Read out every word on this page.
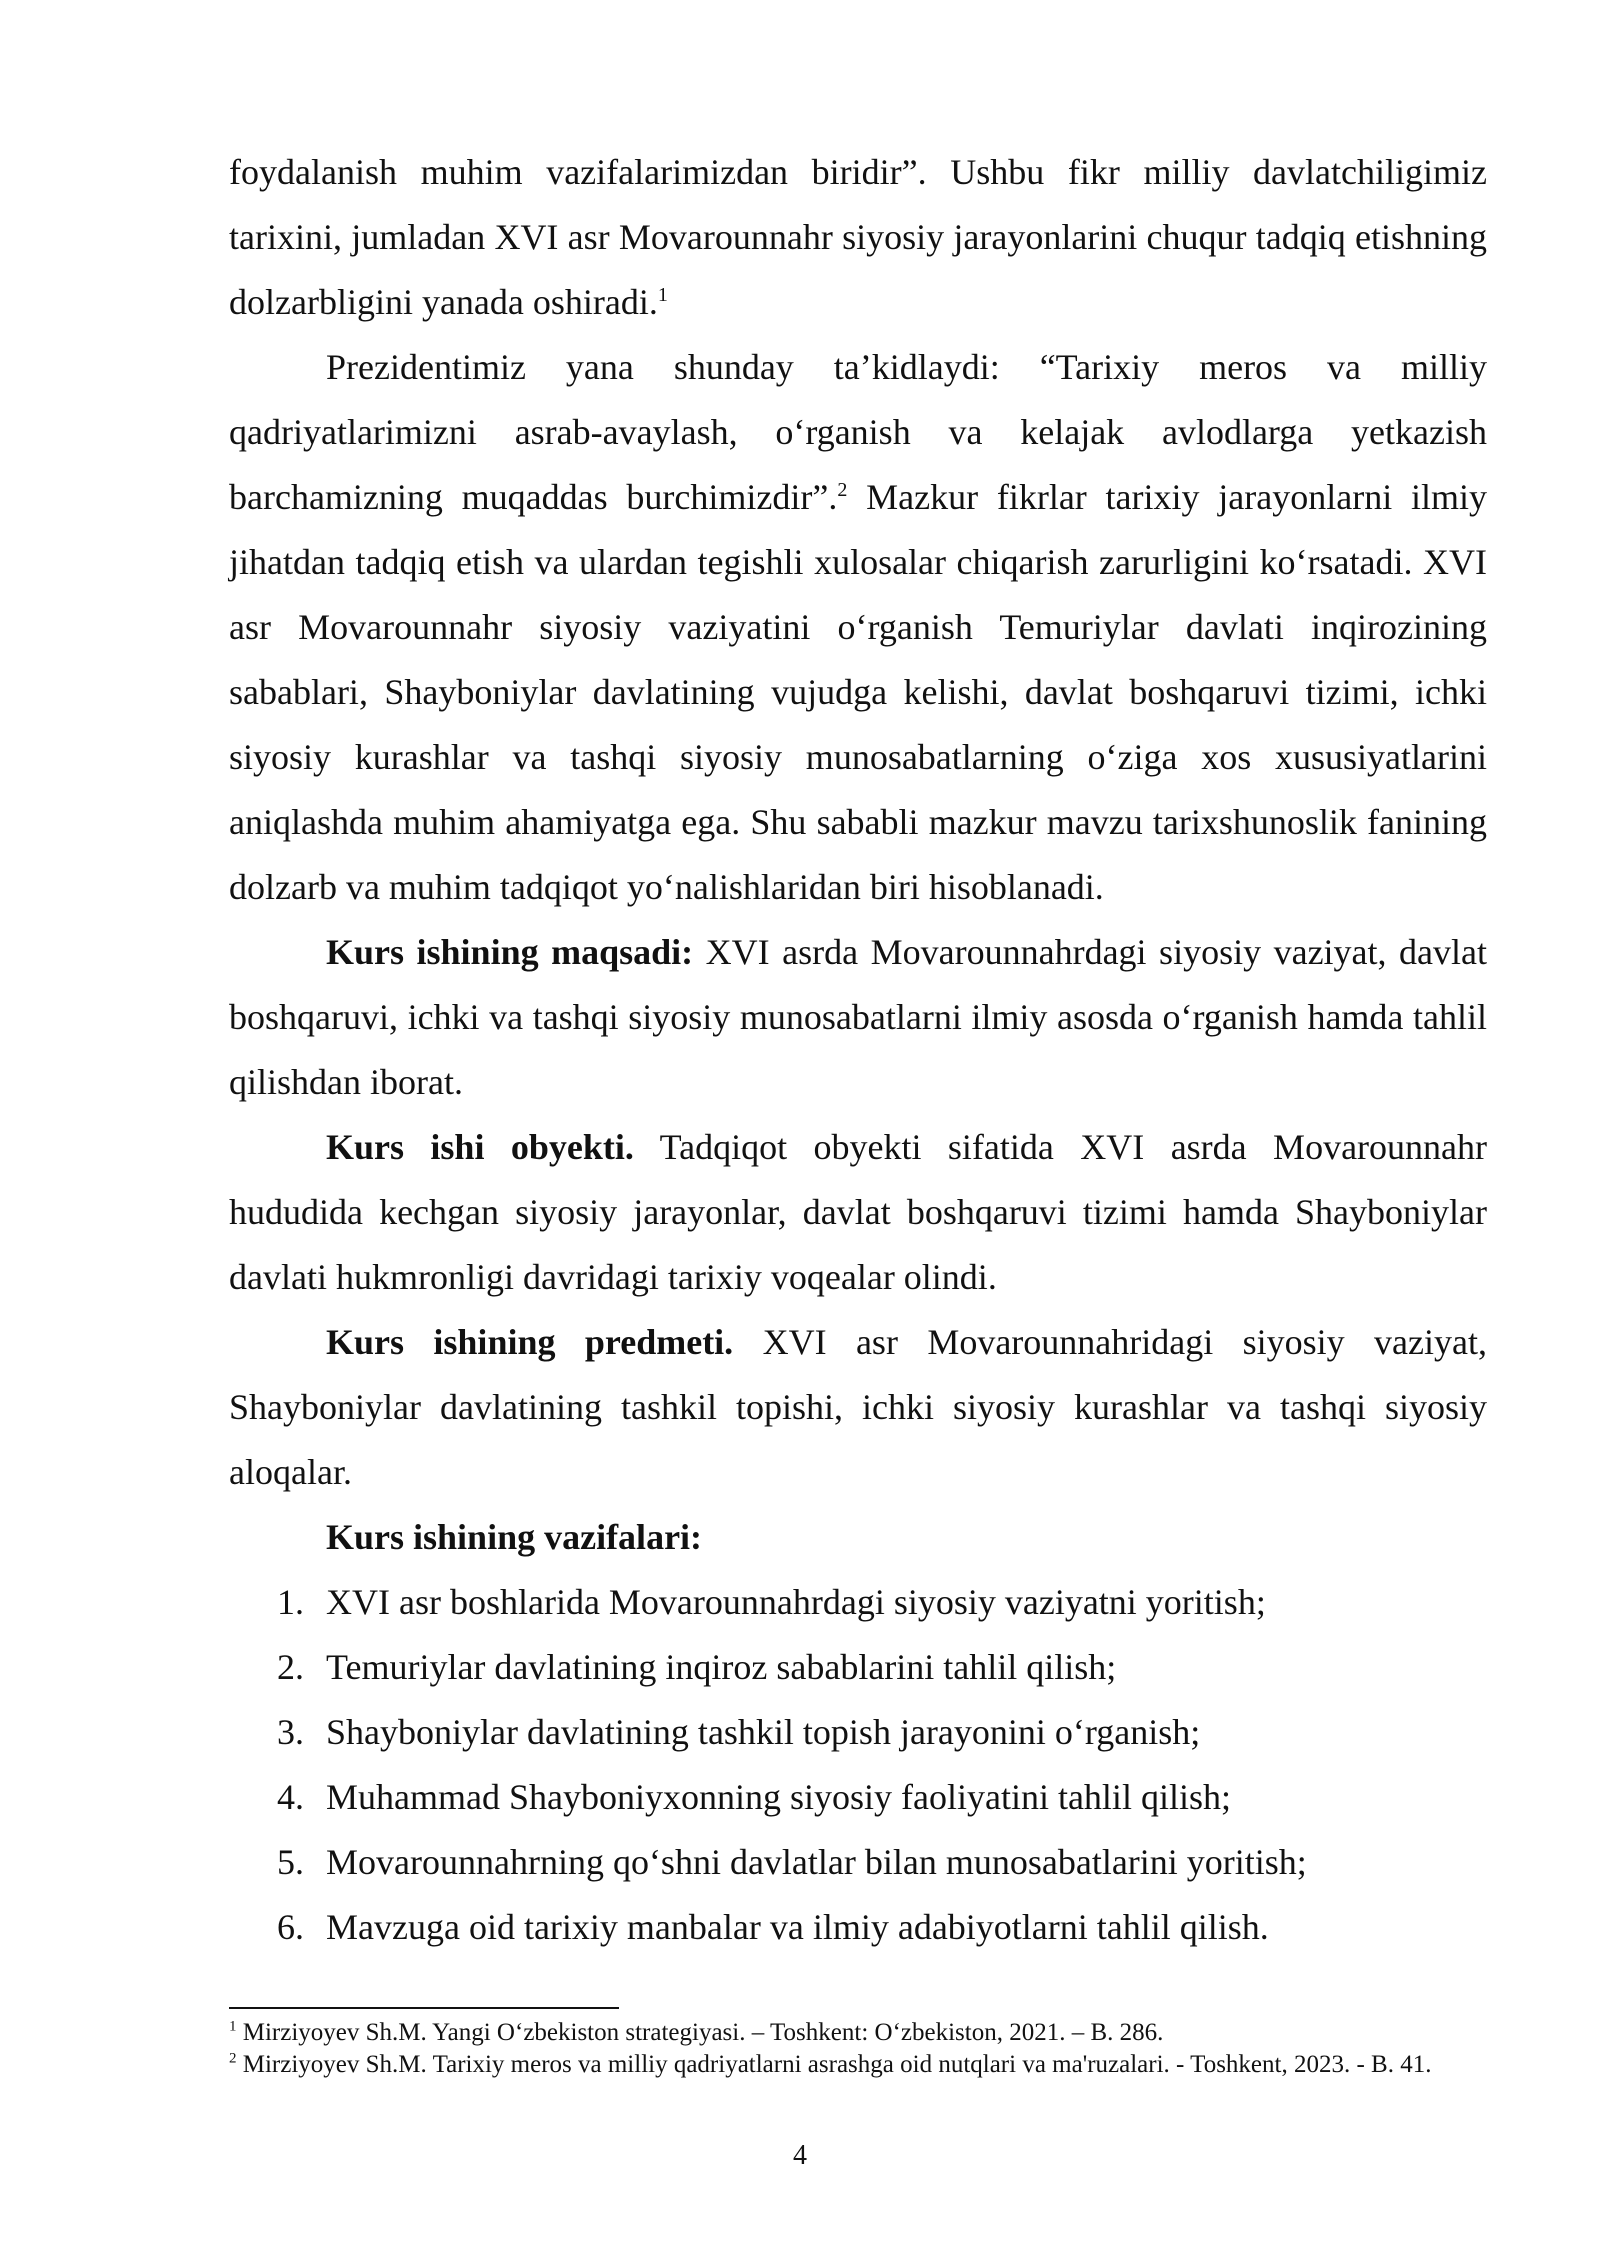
foydalanish muhim vazifalarimizdan biridir”. Ushbu fikr milliy davlatchiligimiz tarixini, jumladan XVI asr Movarounnahr siyosiy jarayonlarini chuqur tadqiq etishning dolzarbligini yanada oshiradi.$^1$

Prezidentimiz yana shunday ta’kidlaydi: “Tarixiy meros va milliy qadriyatlarimizni asrab-avaylash, o‘rganish va kelajak avlodlarga yetkazish barchamizning muqaddas burchimizdir”.$^2$ Mazkur fikrlar tarixiy jarayonlarni ilmiy jihatdan tadqiq etish va ulardan tegishli xulosalar chiqarish zarurligini ko‘rsatadi. XVI asr Movarounnahr siyosiy vaziyatini o‘rganish Temuriylar davlati inqirozining sabablari, Shayboniylar davlatining vujudga kelishi, davlat boshqaruvi tizimi, ichki siyosiy kurashlar va tashqi siyosiy munosabatlarning o‘ziga xos xususiyatlarini aniqlashda muhim ahamiyatga ega. Shu sababli mazkur mavzu tarixshunoslik fanining dolzarb va muhim tadqiqot yo‘nalishlaridan biri hisoblanadi.

Kurs ishining maqsadi: XVI asrda Movarounnahrdagi siyosiy vaziyat, davlat boshqaruvi, ichki va tashqi siyosiy munosabatlarni ilmiy asosda o‘rganish hamda tahlil qilishdan iborat.

Kurs ishi obyekti. Tadqiqot obyekti sifatida XVI asrda Movarounnahr hududida kechgan siyosiy jarayonlar, davlat boshqaruvi tizimi hamda Shayboniylar davlati hukmronligi davridagi tarixiy voqealar olindi.

Kurs ishining predmeti. XVI asr Movarounnahridagi siyosiy vaziyat, Shayboniylar davlatining tashkil topishi, ichki siyosiy kurashlar va tashqi siyosiy aloqalar.

Kurs ishining vazifalari:

1. XVI asr boshlarida Movarounnahrdagi siyosiy vaziyatni yoritish;
2. Temuriylar davlatining inqiroz sabablarini tahlil qilish;
3. Shayboniylar davlatining tashkil topish jarayonini o‘rganish;
4. Muhammad Shayboniyxonning siyosiy faoliyatini tahlil qilish;
5. Movarounnahrning qo‘shni davlatlar bilan munosabatlarini yoritish;
6. Mavzuga oid tarixiy manbalar va ilmiy adabiyotlarni tahlil qilish.

$^1$ Mirziyoyev Sh.M. Yangi O‘zbekiston strategiyasi. – Toshkent: O‘zbekiston, 2021. – B. 286.

$^2$ Mirziyoyev Sh.M. Tarixiy meros va milliy qadriyatlarni asrashga oid nutqlari va ma'ruzalari. - Toshkent, 2023. - B. 41.

4
